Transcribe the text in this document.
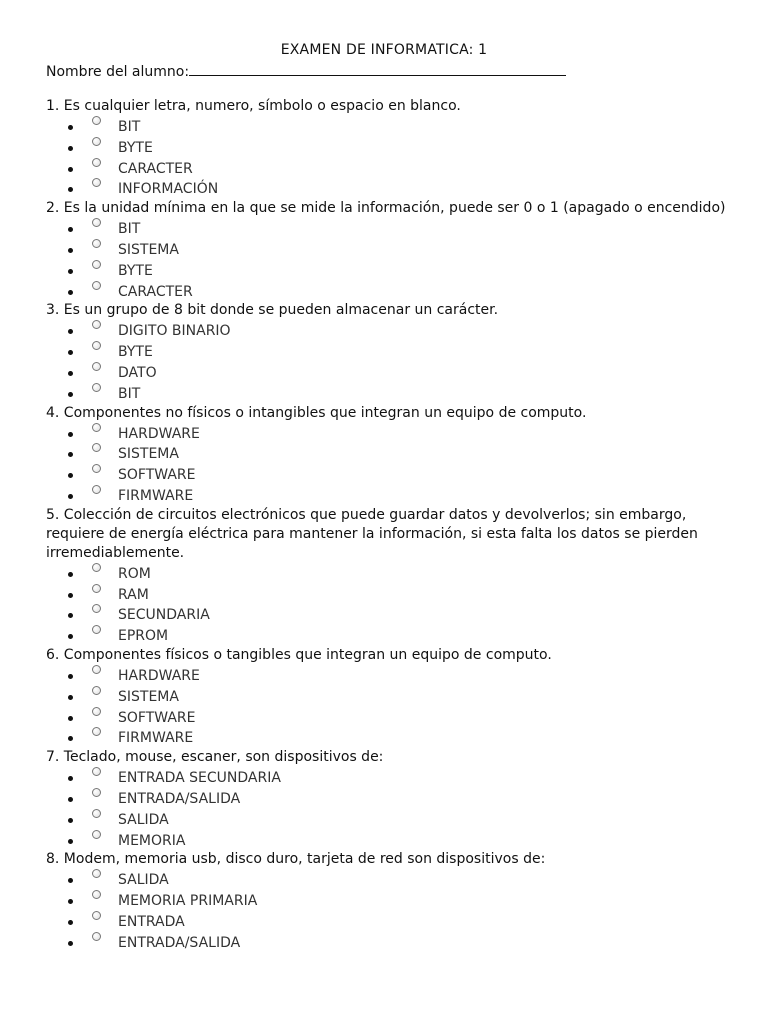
EXAMEN DE INFORMATICA: 1
Nombre del alumno:

1. Es cualquier letra, numero, símbolo o espacio en blanco.

BIT
BYTE
CARACTER
INFORMACIÓN

2. Es la unidad mínima en la que se mide la información, puede ser 0 o 1 (apagado o encendido)

BIT
SISTEMA
BYTE
CARACTER

3. Es un grupo de 8 bit donde se pueden almacenar un carácter.

DIGITO BINARIO
BYTE
DATO
BIT

4. Componentes no físicos o intangibles que integran un equipo de computo.

HARDWARE
SISTEMA
SOFTWARE
FIRMWARE

5. Colección de circuitos electrónicos que puede guardar datos y devolverlos; sin embargo, requiere de energía eléctrica para mantener la información, si esta falta los datos se pierden irremediablemente.

ROM
RAM
SECUNDARIA
EPROM

6. Componentes físicos o tangibles que integran un equipo de computo.

HARDWARE
SISTEMA
SOFTWARE
FIRMWARE

7. Teclado, mouse, escaner, son dispositivos de:

ENTRADA SECUNDARIA
ENTRADA/SALIDA
SALIDA
MEMORIA

8. Modem, memoria usb, disco duro, tarjeta de red son dispositivos de:

SALIDA
MEMORIA PRIMARIA
ENTRADA
ENTRADA/SALIDA
